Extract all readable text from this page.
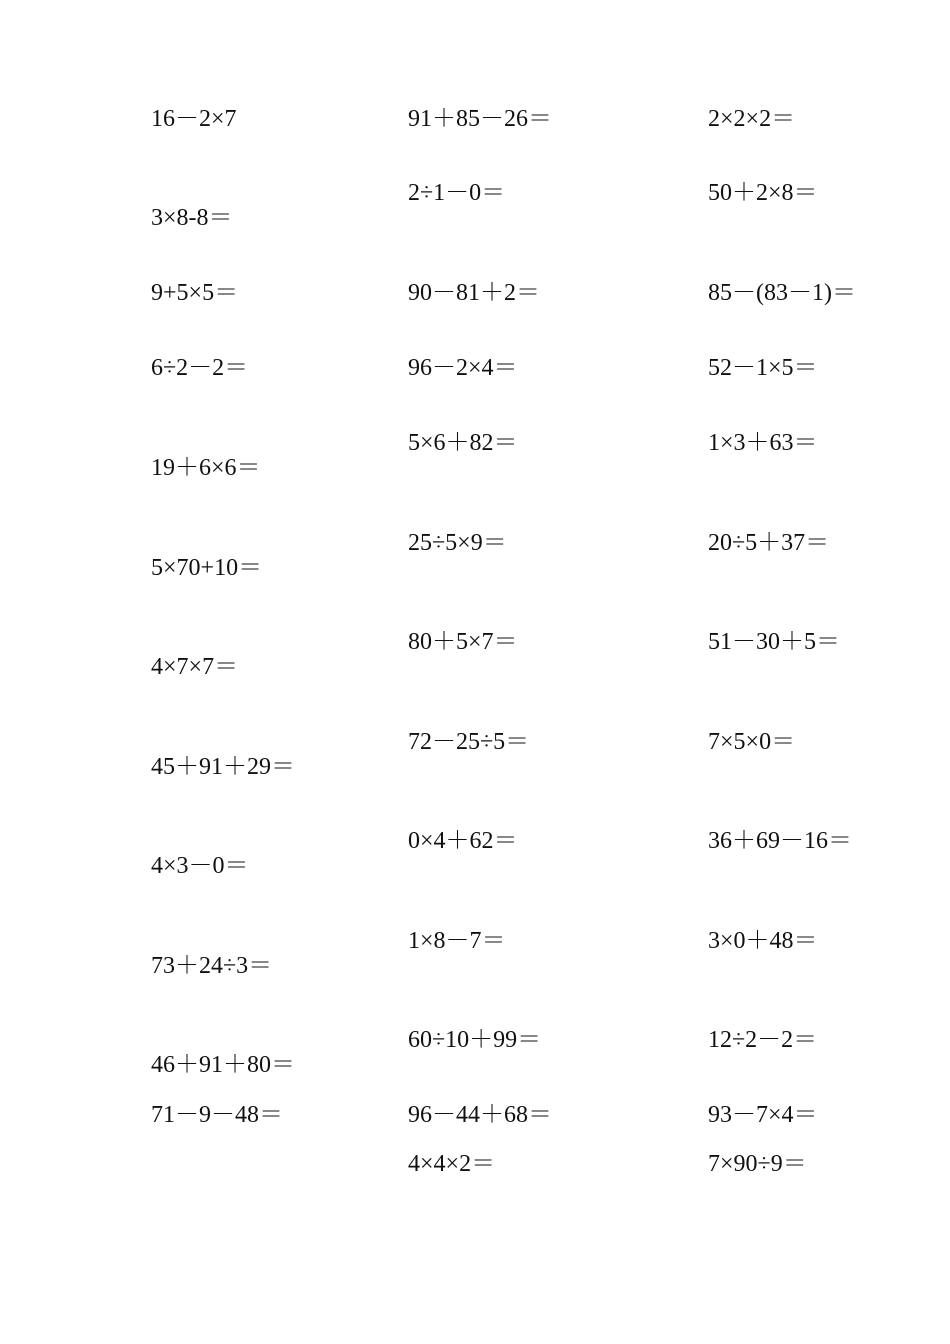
16－2×7
3×8-8＝
9+5×5＝
6÷2－2＝
19＋6×6＝
5×70+10＝
4×7×7＝
45＋91＋29＝
4×3－0＝
73＋24÷3＝
46＋91＋80＝
71－9－48＝
91＋85－26＝
2÷1－0＝
90－81＋2＝
96－2×4＝
5×6＋82＝
25÷5×9＝
80＋5×7＝
72－25÷5＝
0×4＋62＝
1×8－7＝
60÷10＋99＝
96－44＋68＝
4×4×2＝
2×2×2＝
50＋2×8＝
85－(83－1)＝
52－1×5＝
1×3＋63＝
20÷5＋37＝
51－30＋5＝
7×5×0＝
36＋69－16＝
3×0＋48＝
12÷2－2＝
93－7×4＝
7×90÷9＝
